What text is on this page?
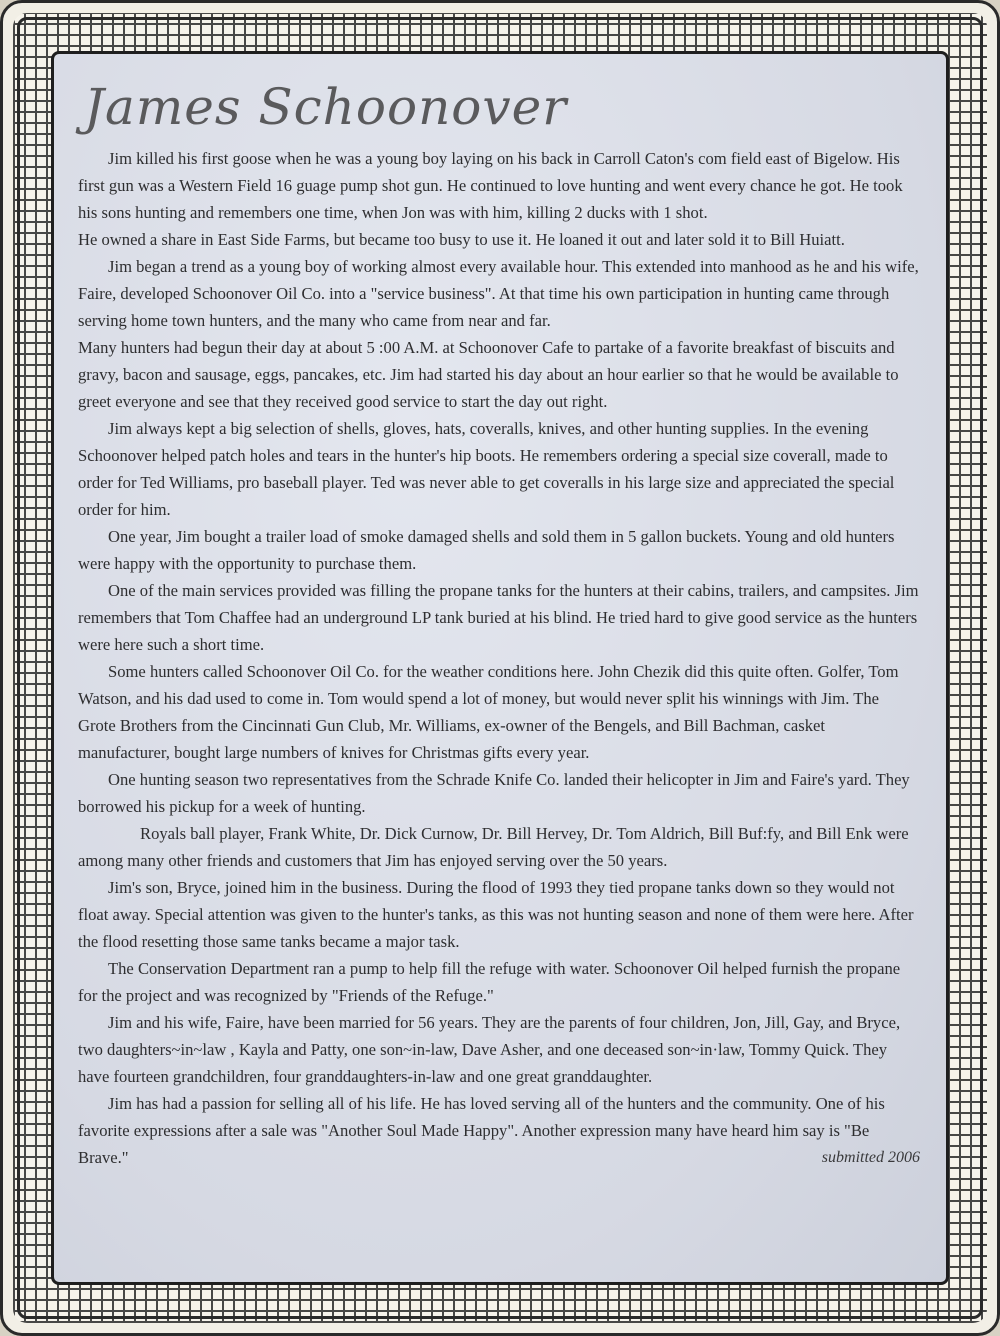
James Schoonover

Jim killed his first goose when he was a young boy laying on his back in Carroll Caton's com field east of Bigelow. His first gun was a Western Field 16 guage pump shot gun. He continued to love hunting and went every chance he got. He took his sons hunting and remembers one time, when Jon was with him, killing 2 ducks with 1 shot.

He owned a share in East Side Farms, but became too busy to use it. He loaned it out and later sold it to Bill Huiatt.

Jim began a trend as a young boy of working almost every available hour. This extended into manhood as he and his wife, Faire, developed Schoonover Oil Co. into a "service business". At that time his own participation in hunting came through serving home town hunters, and the many who came from near and far.

Many hunters had begun their day at about 5 :00 A.M. at Schoonover Cafe to partake of a favorite breakfast of biscuits and gravy, bacon and sausage, eggs, pancakes, etc. Jim had started his day about an hour earlier so that he would be available to greet everyone and see that they received good service to start the day out right.

Jim always kept a big selection of shells, gloves, hats, coveralls, knives, and other hunting supplies. In the evening Schoonover helped patch holes and tears in the hunter's hip boots. He remembers ordering a special size coverall, made to order for Ted Williams, pro baseball player. Ted was never able to get coveralls in his large size and appreciated the special order for him.

One year, Jim bought a trailer load of smoke damaged shells and sold them in 5 gallon buckets. Young and old hunters were happy with the opportunity to purchase them.

One of the main services provided was filling the propane tanks for the hunters at their cabins, trailers, and campsites. Jim remembers that Tom Chaffee had an underground LP tank buried at his blind. He tried hard to give good service as the hunters were here such a short time.

Some hunters called Schoonover Oil Co. for the weather conditions here. John Chezik did this quite often. Golfer, Tom Watson, and his dad used to come in. Tom would spend a lot of money, but would never split his winnings with Jim. The Grote Brothers from the Cincinnati Gun Club, Mr. Williams, ex-owner of the Bengels, and Bill Bachman, casket manufacturer, bought large numbers of knives for Christmas gifts every year.

One hunting season two representatives from the Schrade Knife Co. landed their helicopter in Jim and Faire's yard. They borrowed his pickup for a week of hunting.

Royals ball player, Frank White, Dr. Dick Curnow, Dr. Bill Hervey, Dr. Tom Aldrich, Bill Buf:fy, and Bill Enk were among many other friends and customers that Jim has enjoyed serving over the 50 years.

Jim's son, Bryce, joined him in the business. During the flood of 1993 they tied propane tanks down so they would not float away. Special attention was given to the hunter's tanks, as this was not hunting season and none of them were here. After the flood resetting those same tanks became a major task.

The Conservation Department ran a pump to help fill the refuge with water. Schoonover Oil helped furnish the propane for the project and was recognized by "Friends of the Refuge."

Jim and his wife, Faire, have been married for 56 years. They are the parents of four children, Jon, Jill, Gay, and Bryce, two daughters~in~law , Kayla and Patty, one son~in-law, Dave Asher, and one deceased son~in·law, Tommy Quick. They have fourteen grandchildren, four granddaughters-in-law and one great granddaughter.

Jim has had a passion for selling all of his life. He has loved serving all of the hunters and the community. One of his favorite expressions after a sale was "Another Soul Made Happy". Another expression many have heard him say is "Be Brave."	submitted 2006
